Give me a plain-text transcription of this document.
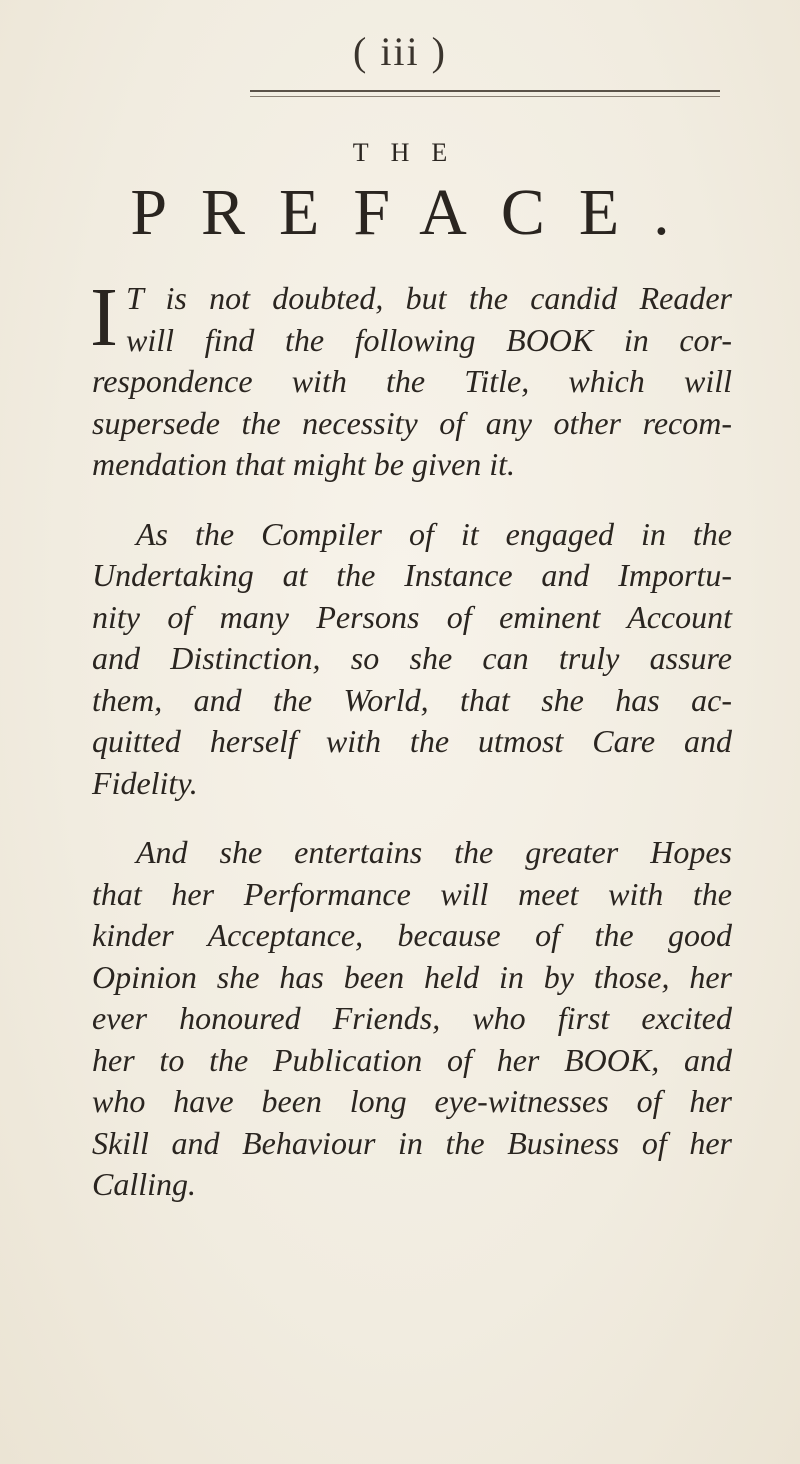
( iii )
THE
PREFACE.

I T is not doubted, but the candid Reader
will find the following BOOK in cor-
respondence with the Title, which will
supersede the necessity of any other recom-
mendation that might be given it.

As the Compiler of it engaged in the

Undertaking at the Instance and Importu-
nity of many Persons of eminent Account
and Distinction, so she can truly assure
them, and the World, that she has ac-
quitted herself with the utmost Care and
Fidelity.

And she entertains the greater Hopes

that her Performance will meet with the
kinder Acceptance, because of the good
Opinion she has been held in by those, her
ever honoured Friends, who first excited
her to the Publication of her BOOK, and
who have been long eye-witnesses of her
Skill and Behaviour in the Business of her
Calling.
